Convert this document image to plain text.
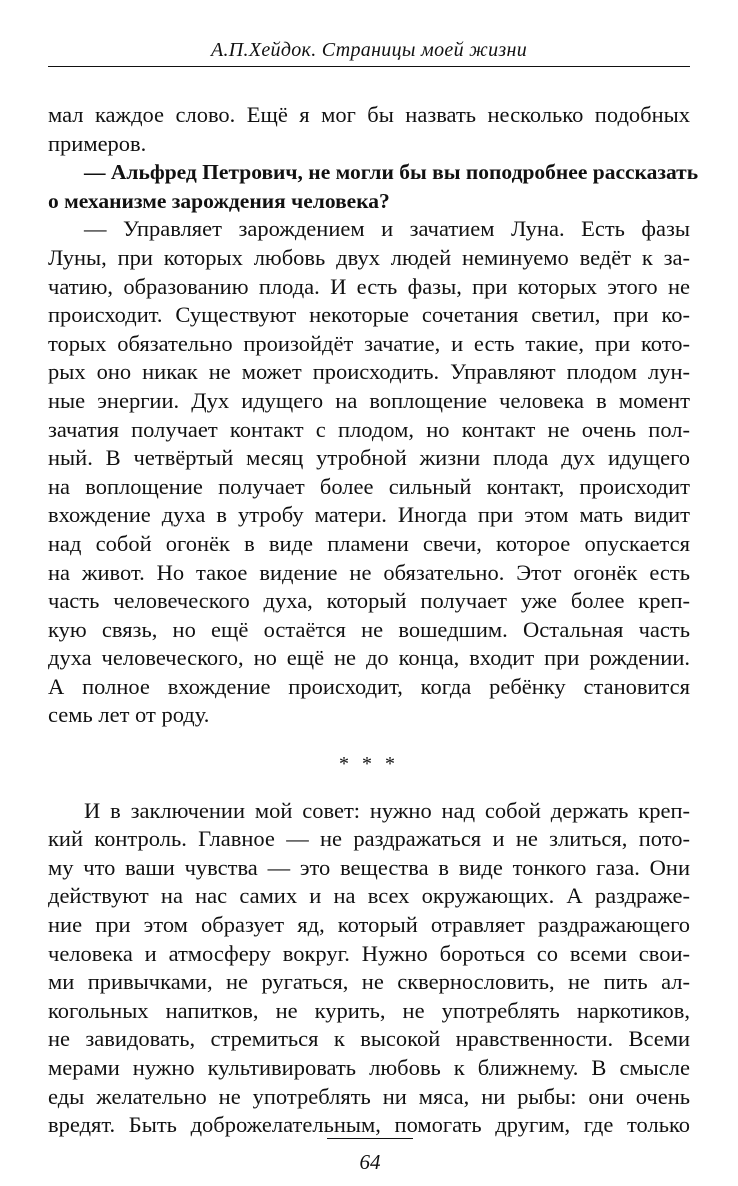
А.П.Хейдок. Страницы моей жизни
мал каждое слово. Ещё я мог бы назвать несколько подобных
примеров.
— Альфред Петрович, не могли бы вы поподробнее рассказать
о механизме зарождения человека?
— Управляет зарождением и зачатием Луна. Есть фазы
Луны, при которых любовь двух людей неминуемо ведёт к за-
чатию, образованию плода. И есть фазы, при которых этого не
происходит. Существуют некоторые сочетания светил, при ко-
торых обязательно произойдёт зачатие, и есть такие, при кото-
рых оно никак не может происходить. Управляют плодом лун-
ные энергии. Дух идущего на воплощение человека в момент
зачатия получает контакт с плодом, но контакт не очень пол-
ный. В четвёртый месяц утробной жизни плода дух идущего
на воплощение получает более сильный контакт, происходит
вхождение духа в утробу матери. Иногда при этом мать видит
над собой огонёк в виде пламени свечи, которое опускается
на живот. Но такое видение не обязательно. Этот огонёк есть
часть человеческого духа, который получает уже более креп-
кую связь, но ещё остаётся не вошедшим. Остальная часть
духа человеческого, но ещё не до конца, входит при рождении.
А полное вхождение происходит, когда ребёнку становится
семь лет от роду.
* * *
И в заключении мой совет: нужно над собой держать креп-
кий контроль. Главное — не раздражаться и не злиться, пото-
му что ваши чувства — это вещества в виде тонкого газа. Они
действуют на нас самих и на всех окружающих. А раздраже-
ние при этом образует яд, который отравляет раздражающего
человека и атмосферу вокруг. Нужно бороться со всеми свои-
ми привычками, не ругаться, не сквернословить, не пить ал-
когольных напитков, не курить, не употреблять наркотиков,
не завидовать, стремиться к высокой нравственности. Всеми
мерами нужно культивировать любовь к ближнему. В смысле
еды желательно не употреблять ни мяса, ни рыбы: они очень
вредят. Быть доброжелательным, помогать другим, где только
64
